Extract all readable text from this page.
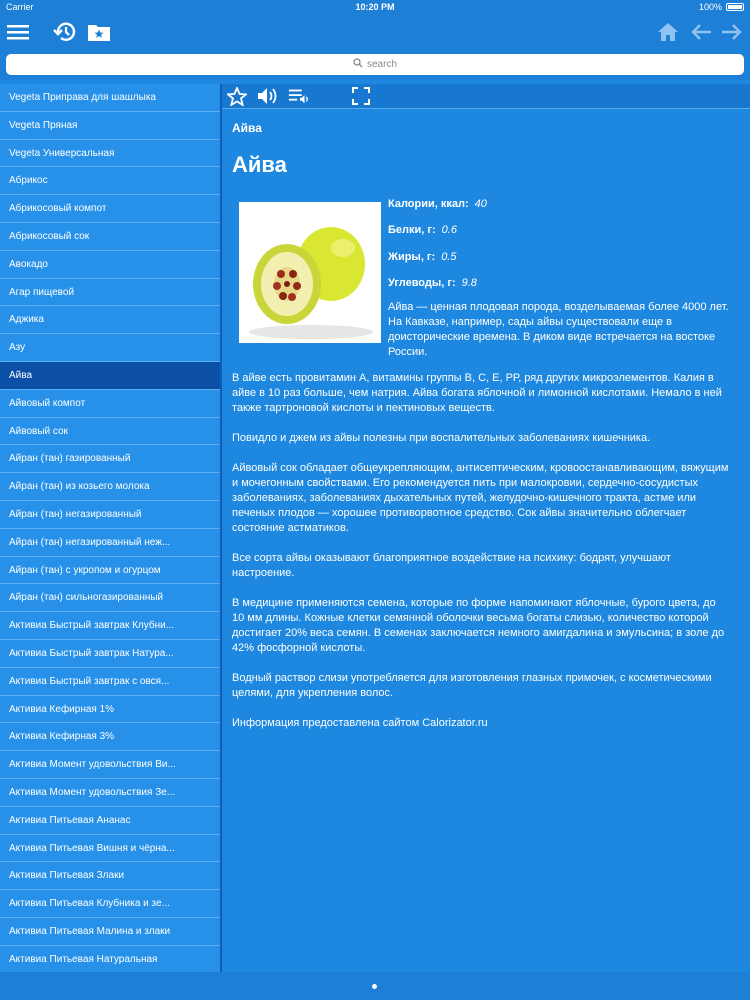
Carrier	10:20 PM	100%
search
Vegeta Приправа для шашлыка
Vegeta Пряная
Vegeta Универсальная
Абрикос
Абрикосовый компот
Абрикосовый сок
Авокадо
Агар пищевой
Аджика
Азу
Айва
Айвовый компот
Айвовый сок
Айран (тан) газированный
Айран (тан) из козьего молока
Айран (тан) негазированный
Айран (тан) негазированный неж...
Айран (тан) с укропом и огурцом
Айран (тан) сильногазированный
Активиа Быстрый завтрак Клубни...
Активиа Быстрый завтрак Натура...
Активиа Быстрый завтрак с овся...
Активиа Кефирная 1%
Активиа Кефирная 3%
Активиа Момент удовольствия Ви...
Активиа Момент удовольствия Зе...
Активиа Питьевая Ананас
Активиа Питьевая Вишня и чёрна...
Активиа Питьевая Злаки
Активиа Питьевая Клубника и зе...
Активиа Питьевая Малина и злаки
Активиа Питьевая Натуральная
Айва
Айва
Калории, ккал: 40
Белки, г: 0.6
Жиры, г: 0.5
Углеводы, г: 9.8
Айва — ценная плодовая порода, возделываемая более 4000 лет. На Кавказе, например, сады айвы существовали еще в доисторические времена. В диком виде встречается на востоке России.

В айве есть провитамин А, витамины группы В, С, Е, РР, ряд других микроэлементов. Калия в айве в 10 раз больше, чем натрия. Айва богата яблочной и лимонной кислотами. Немало в ней также тартроновой кислоты и пектиновых веществ.

Повидло и джем из айвы полезны при воспалительных заболеваниях кишечника.

Айвовый сок обладает общеукрепляющим, антисептическим, кровоостанавливающим, вяжущим и мочегонным свойствами. Его рекомендуется пить при малокровии, сердечно-сосудистых заболеваниях, заболеваниях дыхательных путей, желудочно-кишечного тракта, астме или печеных плодов — хорошее противорвотное средство. Сок айвы значительно облегчает состояние астматиков.

Все сорта айвы оказывают благоприятное воздействие на психику: бодрят, улучшают настроение.

В медицине применяются семена, которые по форме напоминают яблочные, бурого цвета, до 10 мм длины. Кожные клетки семянной оболочки весьма богаты слизью, количество которой достигает 20% веса семян. В семенах заключается немного амигдалина и эмульсина; в золе до 42% фосфорной кислоты.

Водный раствор слизи употребляется для изготовления глазных примочек, с косметическими целями, для укрепления волос.

Информация предоставлена сайтом Calorizator.ru
